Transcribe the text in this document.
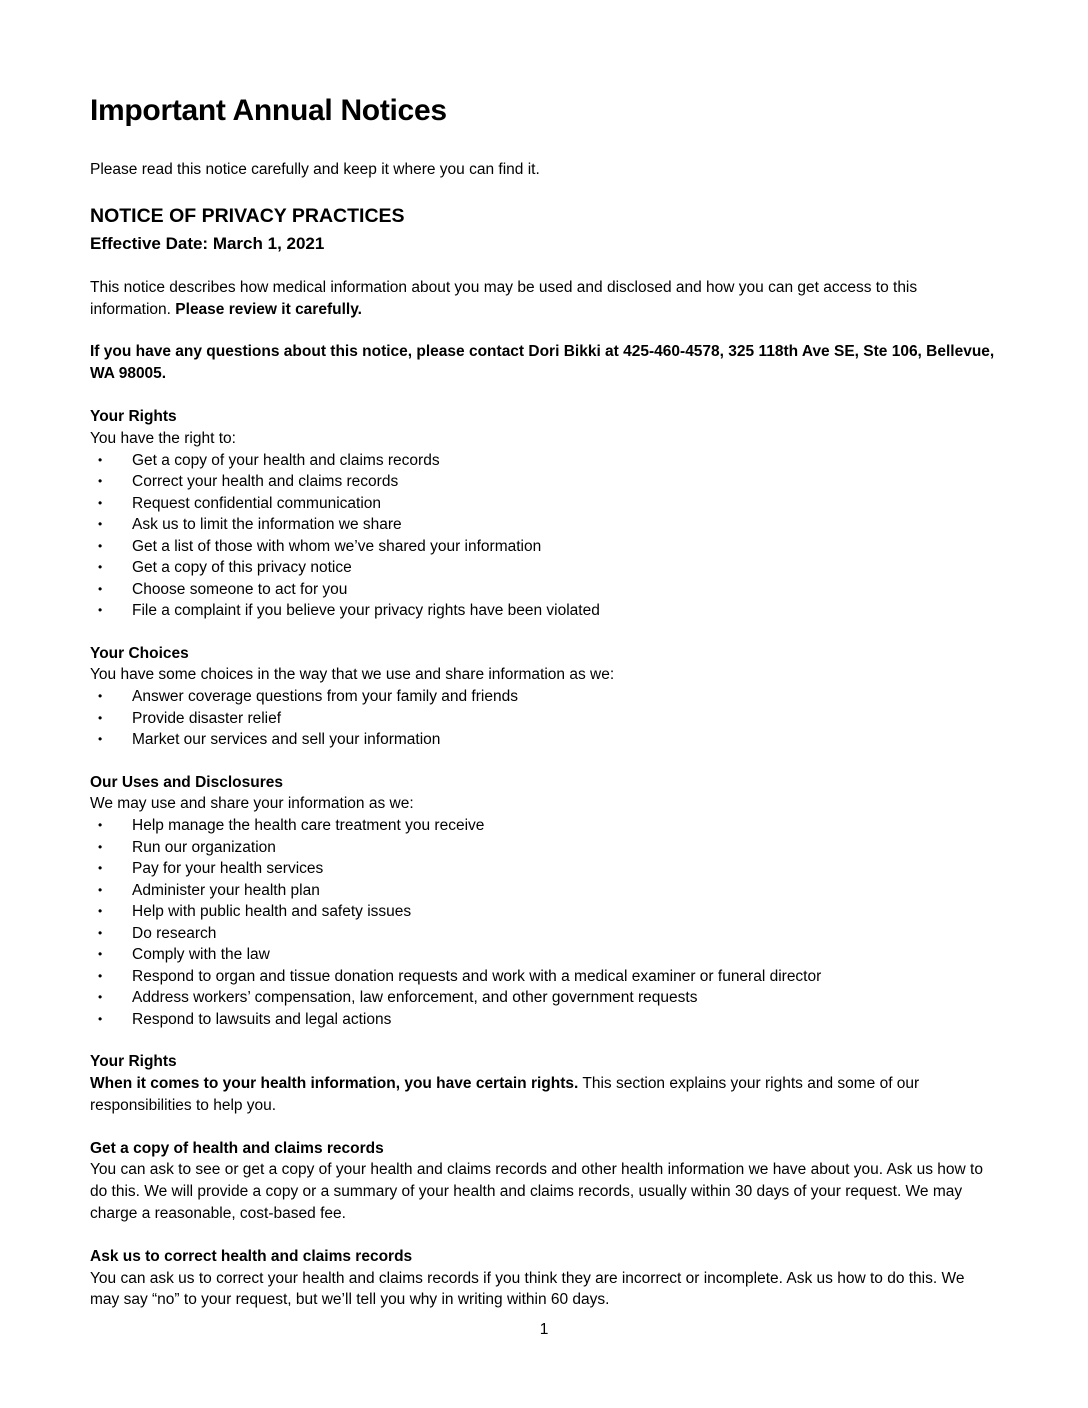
Important Annual Notices

Please read this notice carefully and keep it where you can find it.

NOTICE OF PRIVACY PRACTICES
Effective Date: March 1, 2021

This notice describes how medical information about you may be used and disclosed and how you can get access to this information. Please review it carefully.

If you have any questions about this notice, please contact Dori Bikki at 425-460-4578, 325 118th Ave SE, Ste 106, Bellevue, WA 98005.

Your Rights

You have the right to:

•	Get a copy of your health and claims records
•	Correct your health and claims records
•	Request confidential communication
•	Ask us to limit the information we share
•	Get a list of those with whom we’ve shared your information
•	Get a copy of this privacy notice
•	Choose someone to act for you
•	File a complaint if you believe your privacy rights have been violated
Your Choices

You have some choices in the way that we use and share information as we:

•	Answer coverage questions from your family and friends
•	Provide disaster relief
•	Market our services and sell your information
Our Uses and Disclosures

We may use and share your information as we:

•	Help manage the health care treatment you receive
•	Run our organization
•	Pay for your health services
•	Administer your health plan
•	Help with public health and safety issues
•	Do research
•	Comply with the law
•	Respond to organ and tissue donation requests and work with a medical examiner or funeral director
•	Address workers’ compensation, law enforcement, and other government requests
•	Respond to lawsuits and legal actions
Your Rights

When it comes to your health information, you have certain rights. This section explains your rights and some of our responsibilities to help you.

Get a copy of health and claims records

You can ask to see or get a copy of your health and claims records and other health information we have about you. Ask us how to do this. We will provide a copy or a summary of your health and claims records, usually within 30 days of your request. We may charge a reasonable, cost-based fee.

Ask us to correct health and claims records

You can ask us to correct your health and claims records if you think they are incorrect or incomplete. Ask us how to do this. We may say “no” to your request, but we’ll tell you why in writing within 60 days.

1
